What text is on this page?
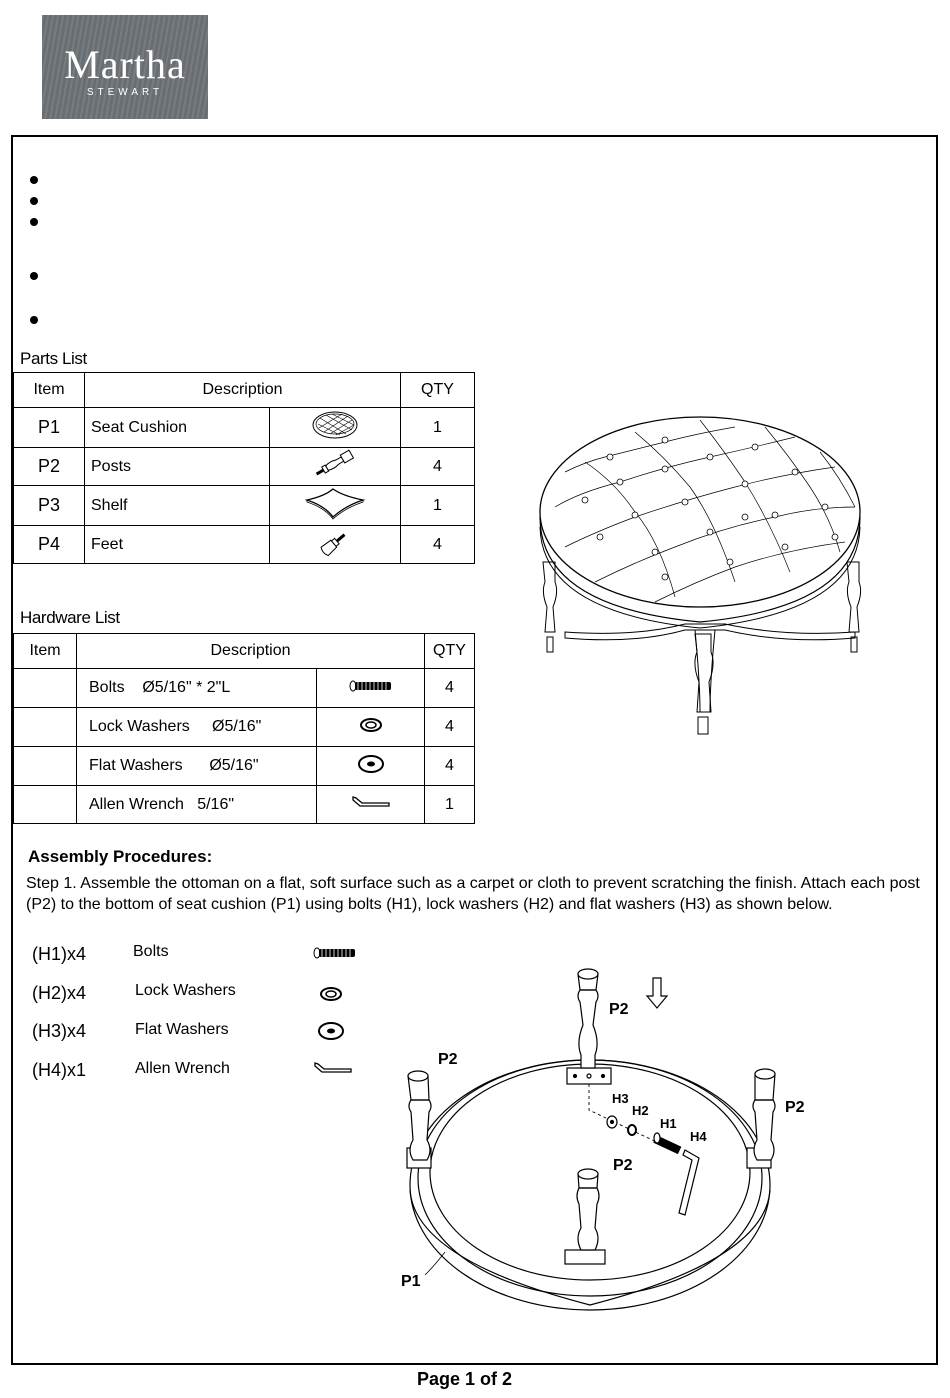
Martha
STEWART
Parts List
Item	Description		QTY
P1	Seat Cushion		1
P2	Posts		4
P3	Shelf		1
P4	Feet		4
Hardware List
Item	Description		QTY
	Bolts    Ø5/16" * 2"L		4
	Lock Washers     Ø5/16"		4
	Flat Washers      Ø5/16"		4
	Allen Wrench   5/16"		1
Assembly Procedures:
Step 1. Assemble the ottoman on a flat, soft surface such as a carpet or cloth to prevent scratching the finish. Attach each post (P2) to the bottom of seat cushion (P1) using bolts (H1), lock washers (H2) and flat washers (H3) as shown below.
(H1)x4	Bolts
(H2)x4	Lock Washers
(H3)x4	Flat Washers
(H4)x1	Allen Wrench
P2
P2
P2
P2
P1
H3
H2
H1
H4
Page 1 of 2
